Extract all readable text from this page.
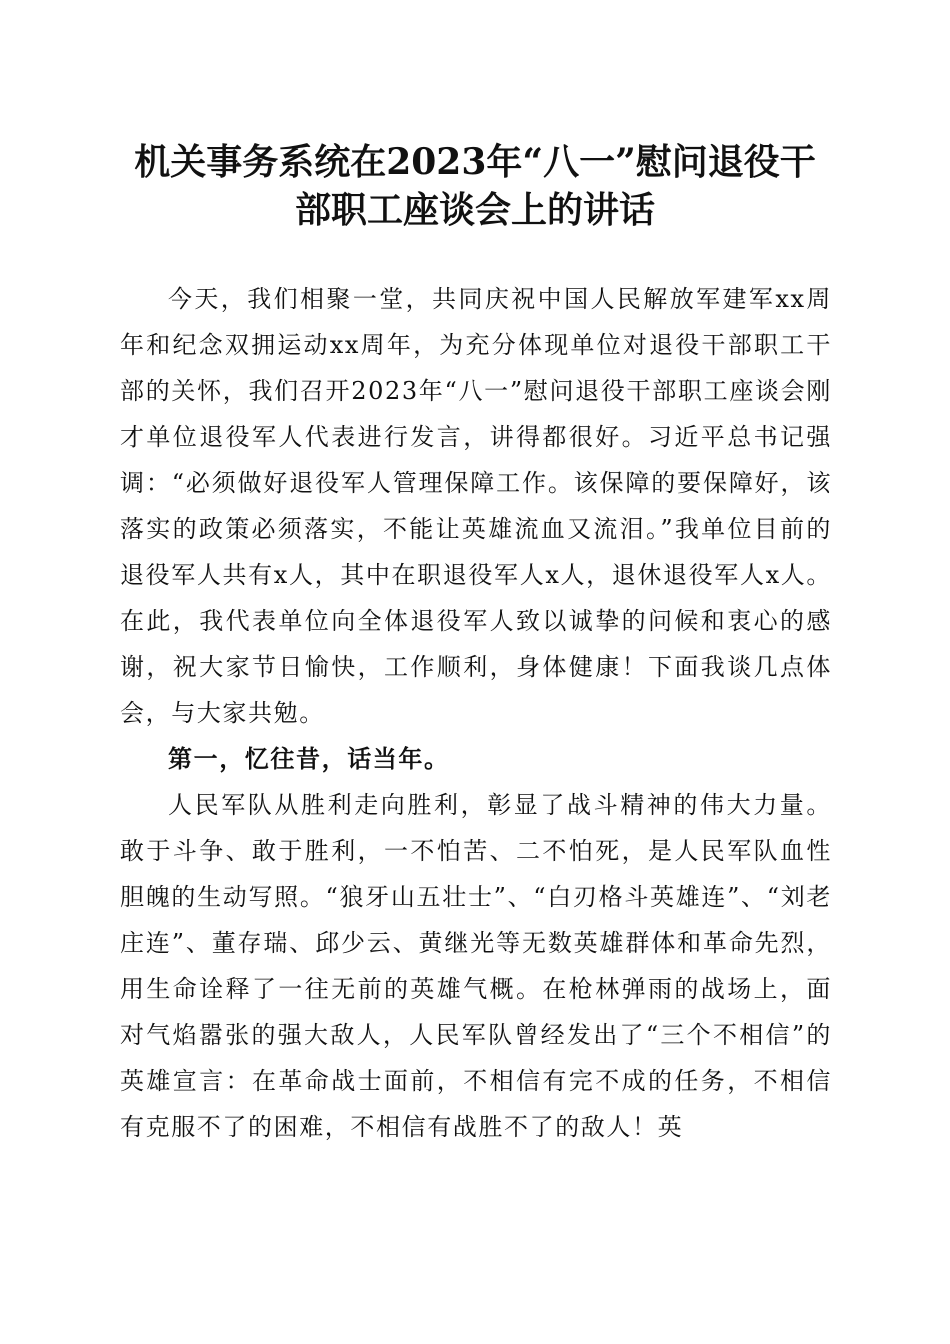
机关事务系统在2023年“八一”慰问退役干
部职工座谈会上的讲话

今天，我们相聚一堂，共同庆祝中国人民解放军建军xx周年和纪念双拥运动xx周年，为充分体现单位对退役干部职工干部的关怀，我们召开2023年“八一”慰问退役干部职工座谈会刚才单位退役军人代表进行发言，讲得都很好。习近平总书记强调：“必须做好退役军人管理保障工作。该保障的要保障好，该落实的政策必须落实，不能让英雄流血又流泪。”我单位目前的退役军人共有x人，其中在职退役军人x人，退休退役军人x人。在此，我代表单位向全体退役军人致以诚挚的问候和衷心的感谢，祝大家节日愉快，工作顺利，身体健康！下面我谈几点体会，与大家共勉。

第一，忆往昔，话当年。

人民军队从胜利走向胜利，彰显了战斗精神的伟大力量。敢于斗争、敢于胜利，一不怕苦、二不怕死，是人民军队血性胆魄的生动写照。“狼牙山五壮士”、“白刃格斗英雄连”、“刘老庄连”、董存瑞、邱少云、黄继光等无数英雄群体和革命先烈，用生命诠释了一往无前的英雄气概。在枪林弹雨的战场上，面对气焰嚣张的强大敌人，人民军队曾经发出了“三个不相信”的英雄宣言：在革命战士面前，不相信有完不成的任务，不相信有克服不了的困难，不相信有战胜不了的敌人！英
